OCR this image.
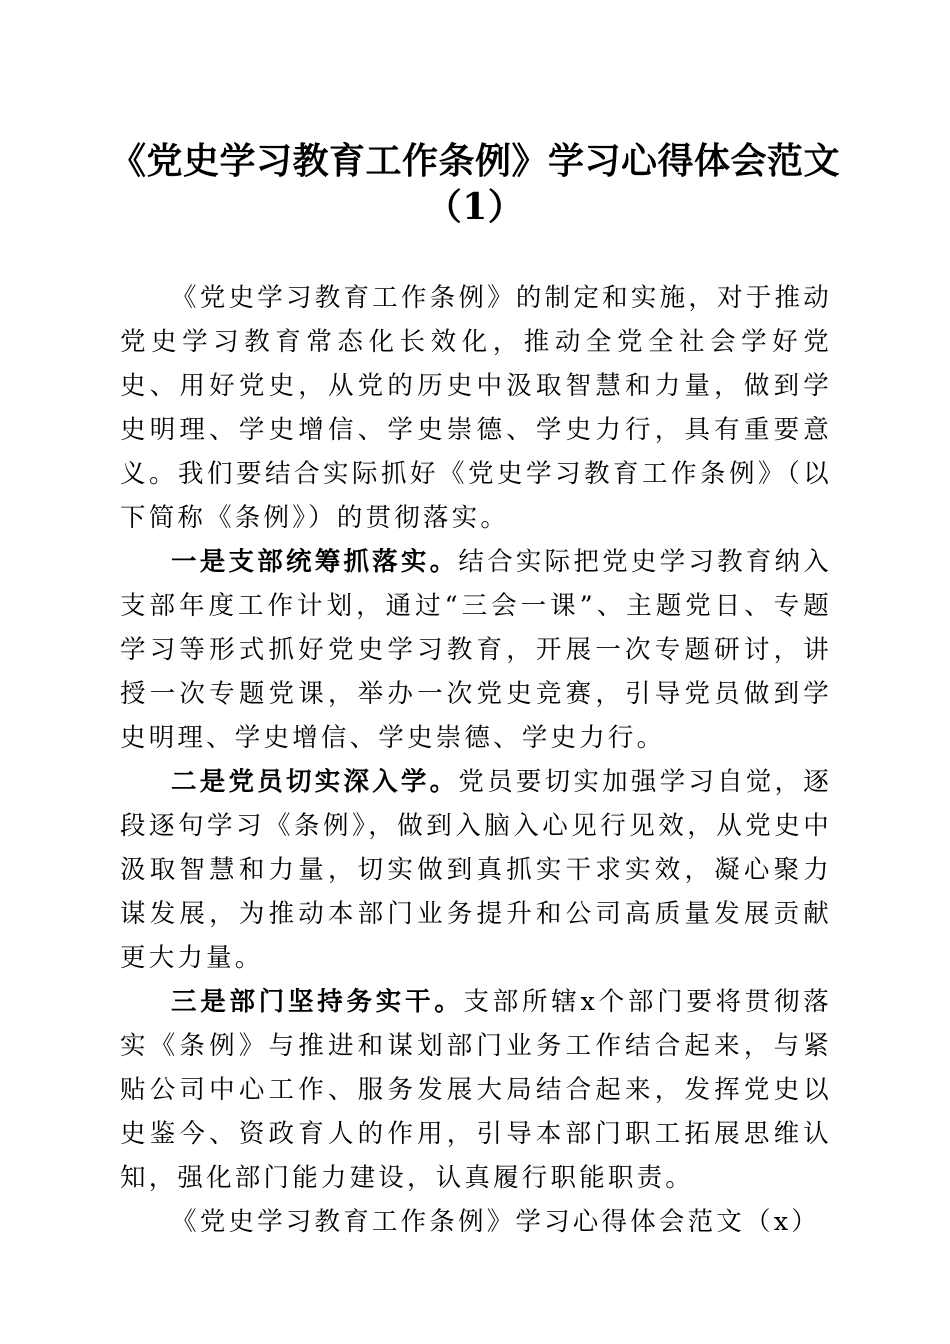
《党史学习教育工作条例》学习心得体会范文
（1）

《党史学习教育工作条例》的制定和实施，对于推动党史学习教育常态化长效化，推动全党全社会学好党史、用好党史，从党的历史中汲取智慧和力量，做到学史明理、学史增信、学史崇德、学史力行，具有重要意义。我们要结合实际抓好《党史学习教育工作条例》（以下简称《条例》）的贯彻落实。

一是支部统筹抓落实。结合实际把党史学习教育纳入支部年度工作计划，通过“三会一课”、主题党日、专题学习等形式抓好党史学习教育，开展一次专题研讨，讲授一次专题党课，举办一次党史竞赛，引导党员做到学史明理、学史增信、学史崇德、学史力行。

二是党员切实深入学。党员要切实加强学习自觉，逐段逐句学习《条例》，做到入脑入心见行见效，从党史中汲取智慧和力量，切实做到真抓实干求实效，凝心聚力谋发展，为推动本部门业务提升和公司高质量发展贡献更大力量。

三是部门坚持务实干。支部所辖x个部门要将贯彻落实《条例》与推进和谋划部门业务工作结合起来，与紧贴公司中心工作、服务发展大局结合起来，发挥党史以史鉴今、资政育人的作用，引导本部门职工拓展思维认知，强化部门能力建设，认真履行职能职责。

《党史学习教育工作条例》学习心得体会范文（x）
